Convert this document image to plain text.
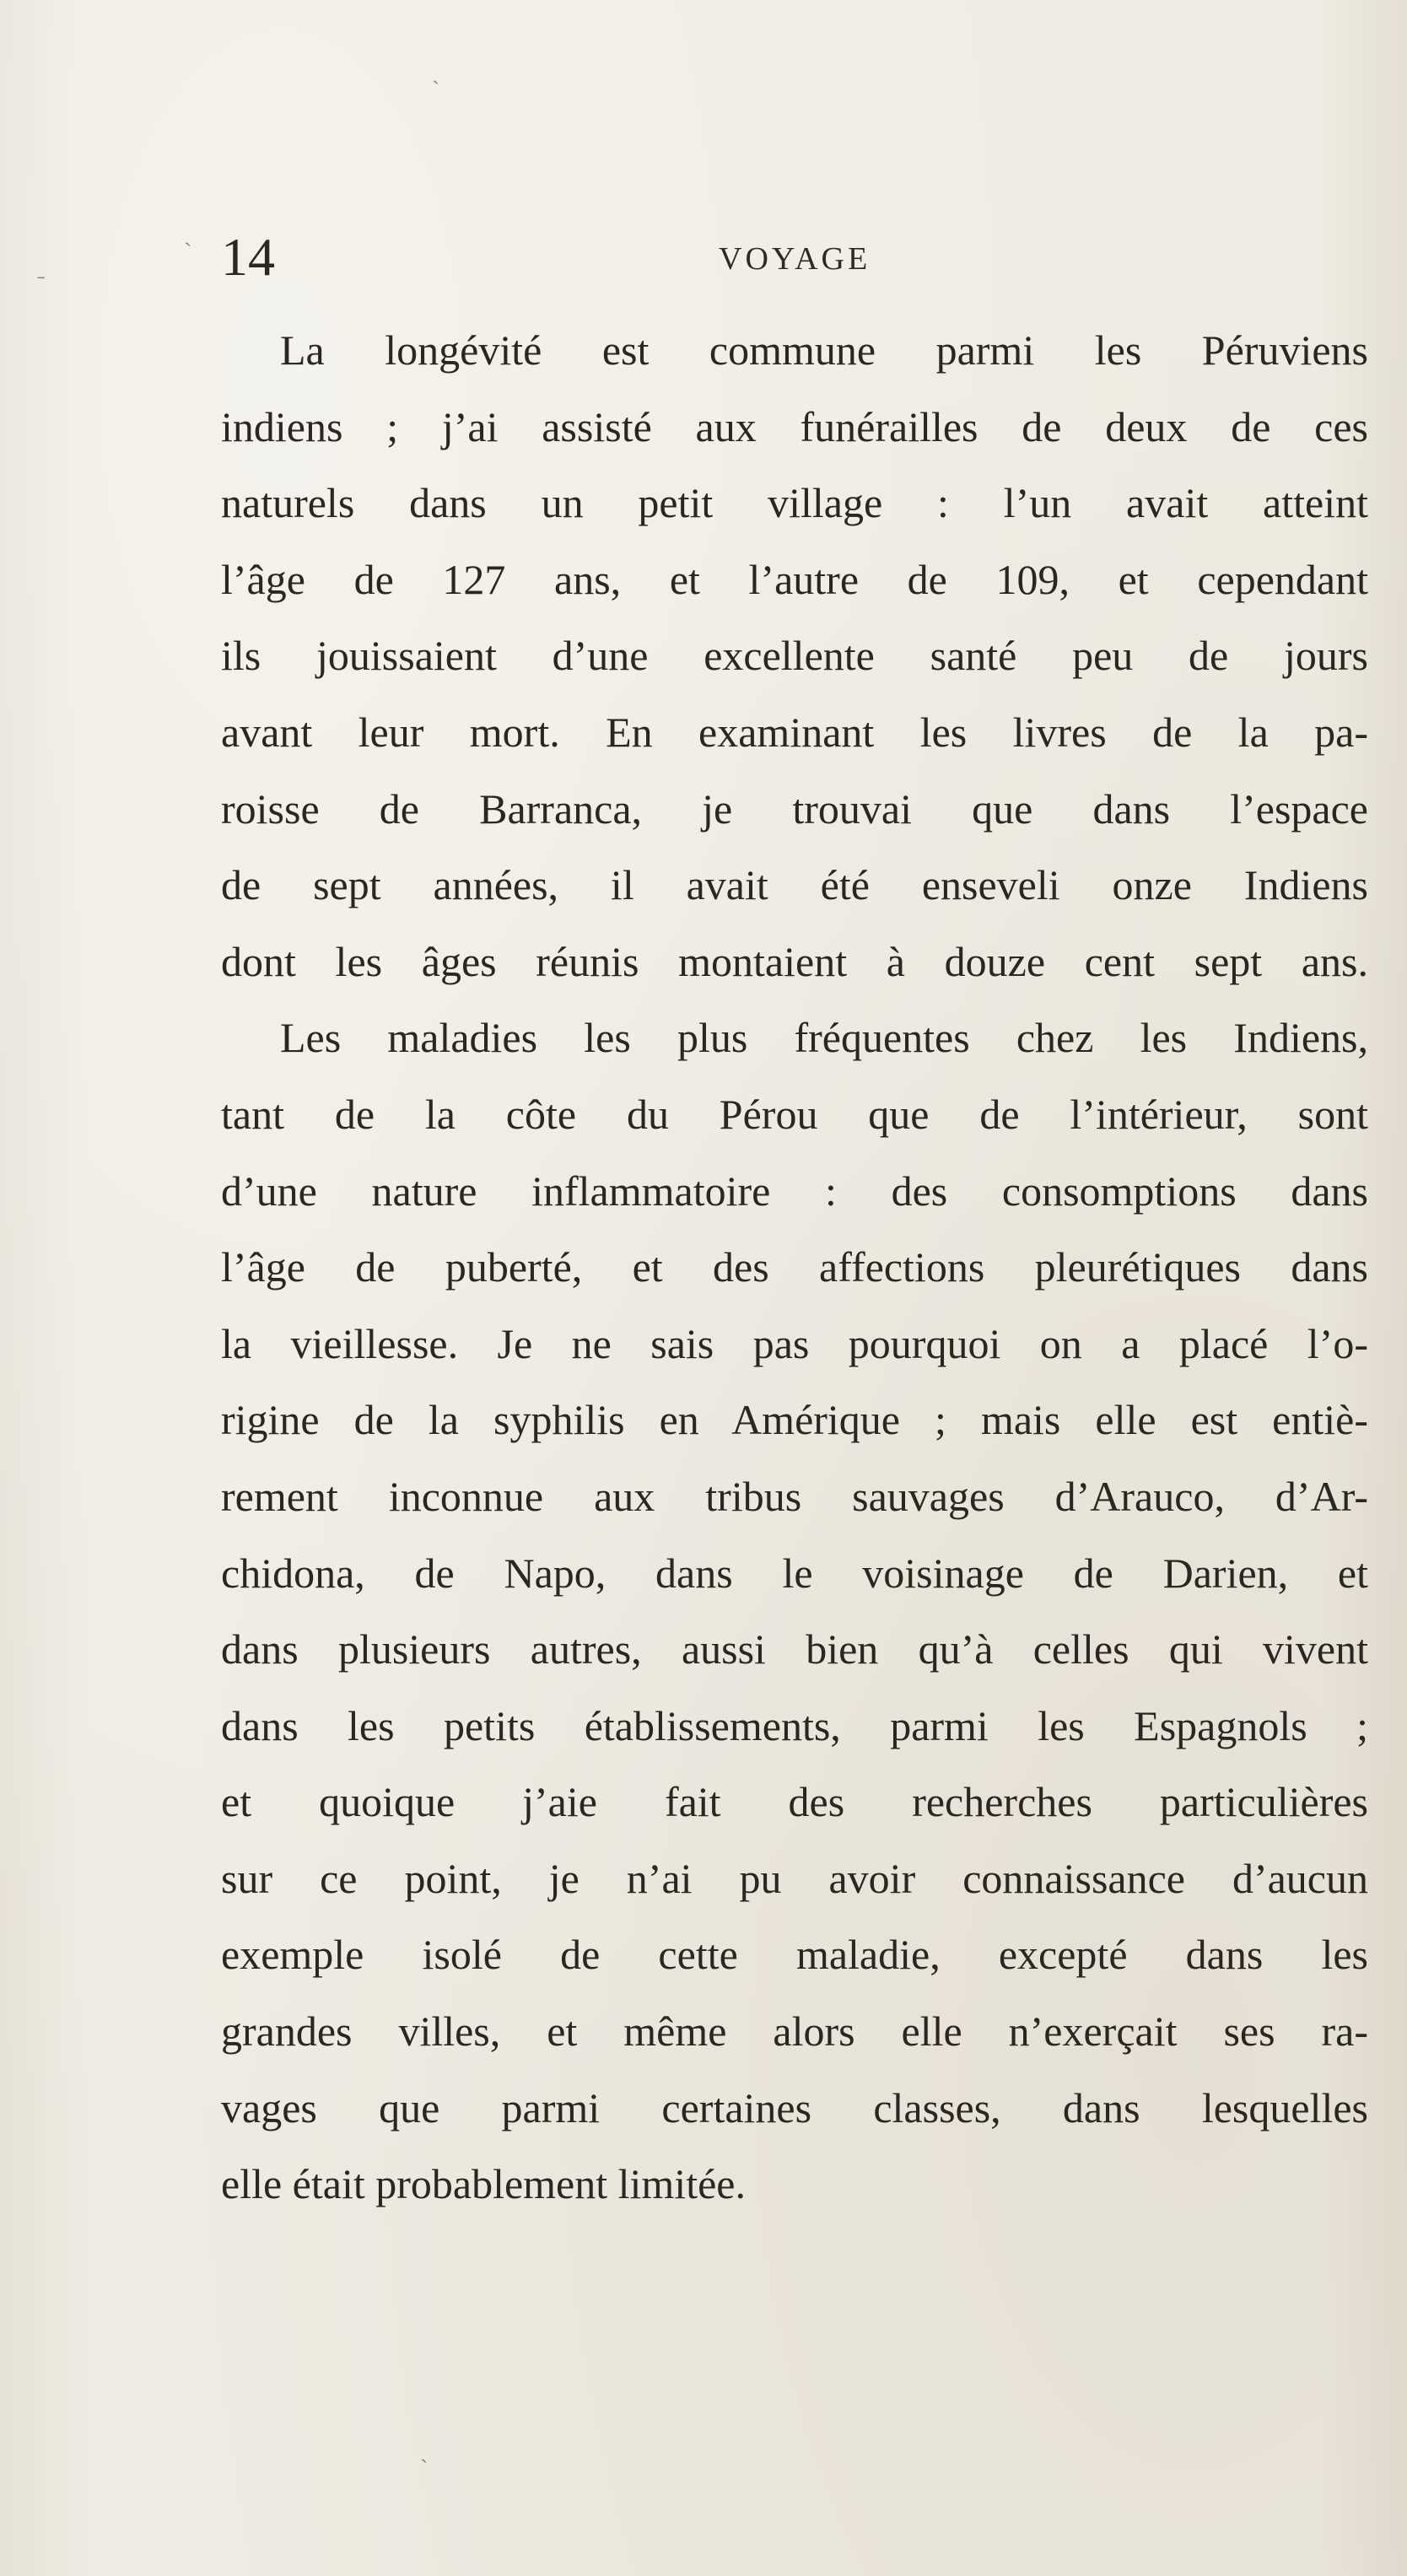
14	VOYAGE
ˏ
ˎ
ˉ
ˏ
La longévité est commune parmi les Péruviens
indiens ; j’ai assisté aux funérailles de deux de ces
naturels dans un petit village : l’un avait atteint
l’âge de 127 ans, et l’autre de 109, et cependant
ils jouissaient d’une excellente santé peu de jours
avant leur mort. En examinant les livres de la pa-
roisse de Barranca, je trouvai que dans l’espace
de sept années, il avait été enseveli onze Indiens
dont les âges réunis montaient à douze cent sept ans.
Les maladies les plus fréquentes chez les Indiens,
tant de la côte du Pérou que de l’intérieur, sont
d’une nature inflammatoire : des consomptions dans
l’âge de puberté, et des affections pleurétiques dans
la vieillesse. Je ne sais pas pourquoi on a placé l’o-
rigine de la syphilis en Amérique ; mais elle est entiè-
rement inconnue aux tribus sauvages d’Arauco, d’Ar-
chidona, de Napo, dans le voisinage de Darien, et
dans plusieurs autres, aussi bien qu’à celles qui vivent
dans les petits établissements, parmi les Espagnols ;
et quoique j’aie fait des recherches particulières
sur ce point, je n’ai pu avoir connaissance d’aucun
exemple isolé de cette maladie, excepté dans les
grandes villes, et même alors elle n’exerçait ses ra-
vages que parmi certaines classes, dans lesquelles
elle était probablement limitée.
